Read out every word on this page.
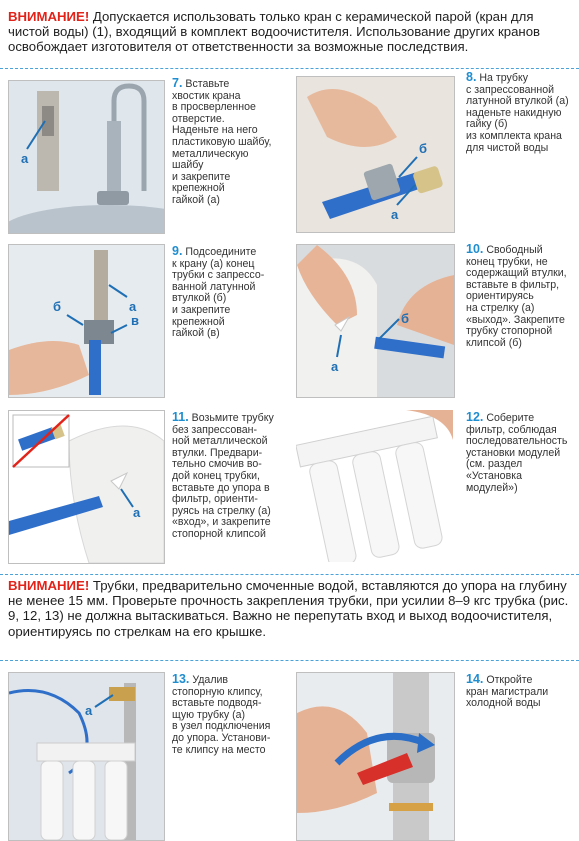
ВНИМАНИЕ! Допускается использовать только кран с керамической парой (кран для чистой воды) (1), входящий в комплект водоочистителя. Использование других кранов освобождает изготовителя от ответственности за возможные последствия.
а
7. Вставьте
хвостик крана
в просверленное
отверстие.
Наденьте на него
пластиковую шайбу,
металлическую
шайбу
и закрепите
крепежной
гайкой (а)
б
а
8. На трубку
с запрессованной
латунной втулкой (а)
наденьте накидную
гайку (б)
из комплекта крана
для чистой воды
а
б
в
9. Подсоедините
к крану (а) конец
трубки с запрессо-
ванной латунной
втулкой (б)
и закрепите
крепежной
гайкой (в)
б
а
10. Свободный
конец трубки, не
содержащий втулки,
вставьте в фильтр,
ориентируясь
на стрелку (а)
«выход». Закрепите
трубку стопорной
клипсой (б)
а
11. Возьмите трубку
без запрессован-
ной металлической
втулки. Предвари-
тельно смочив во-
дой конец трубки,
вставьте до упора в
фильтр, ориенти-
руясь на стрелку (а)
«вход», и закрепите
стопорной клипсой
12. Соберите
фильтр, соблюдая
последовательность
установки модулей
(см. раздел
«Установка
модулей»)
ВНИМАНИЕ! Трубки, предварительно смоченные водой, вставляются до упора на глубину не менее 15 мм. Проверьте прочность закрепления трубки, при усилии 8–9 кгс трубка (рис. 9, 12, 13) не должна вытаскиваться. Важно не перепутать вход и выход водоочистителя, ориентируясь по стрелкам на его крышке.
а
13. Удалив
стопорную клипсу,
вставьте подводя-
щую трубку (а)
в узел подключения
до упора. Установи-
те клипсу на место
14. Откройте
кран магистрали
холодной воды
